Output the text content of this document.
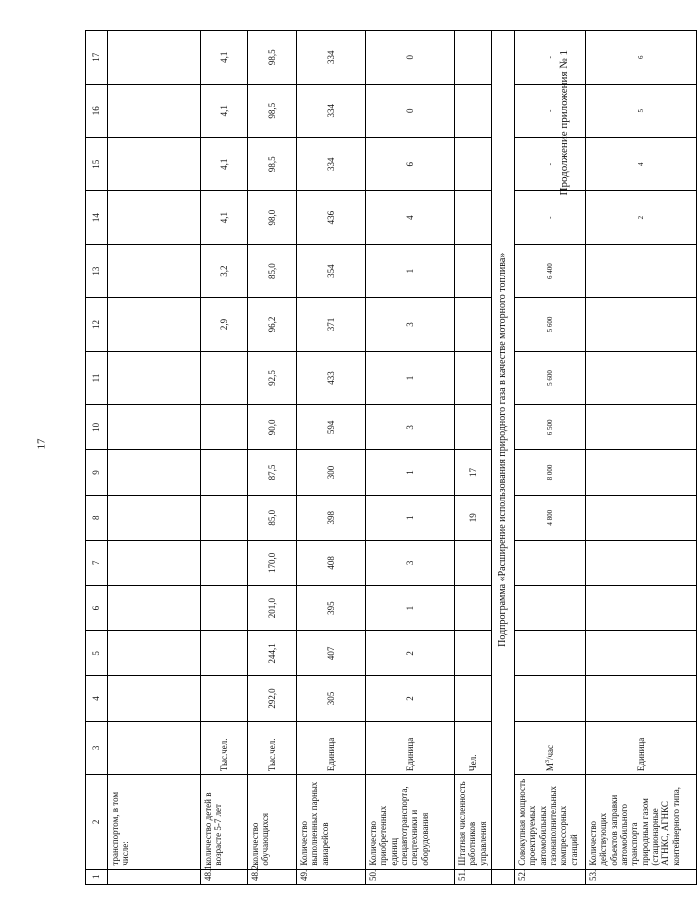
17
Продолжение приложения № 1
1	2	3	4	5	6	7	8	9	10	11	12	13	14	15	16	17
	транспортом, в том числе:															
48.1.	количество детей в возрасте 5-7 лет	Тыс.чел.									2,9	3,2	4,1	4,1	4,1	4,1
48.2.	количество обучающихся	Тыс.чел.	292,0	244,1	201,0	170,0	85,0	87,5	90,0	92,5	96,2	85,0	98,0	98,5	98,5	98,5
49.	Количество выполненных парных авиарейсов	Единица	305	407	395	408	398	300	594	433	371	354	436	334	334	334
50.	Количество приобретенных единиц спецавтотранспорта, спецтехники и оборудования	Единица	2	2	1	3	1	1	3	1	3	1	4	6	0	0
51.	Штатная численность работников управления	Чел.					19	17								
	Подпрограмма «Расширение использования природного газа в качестве моторного топлива»															
52.	Совокупная мощность проектируемых автомобильных газонаполнительных компрессорных станций	$М^3$/час					4 800	8 000	6 500	5 600	5 600	6 400	-	-	-	-
53.	Количество действующих объектов заправки автомобильного транспорта природным газом (стационарные АГНКС, АГНКС контейнерного типа,	Единица											2	4	5	6
